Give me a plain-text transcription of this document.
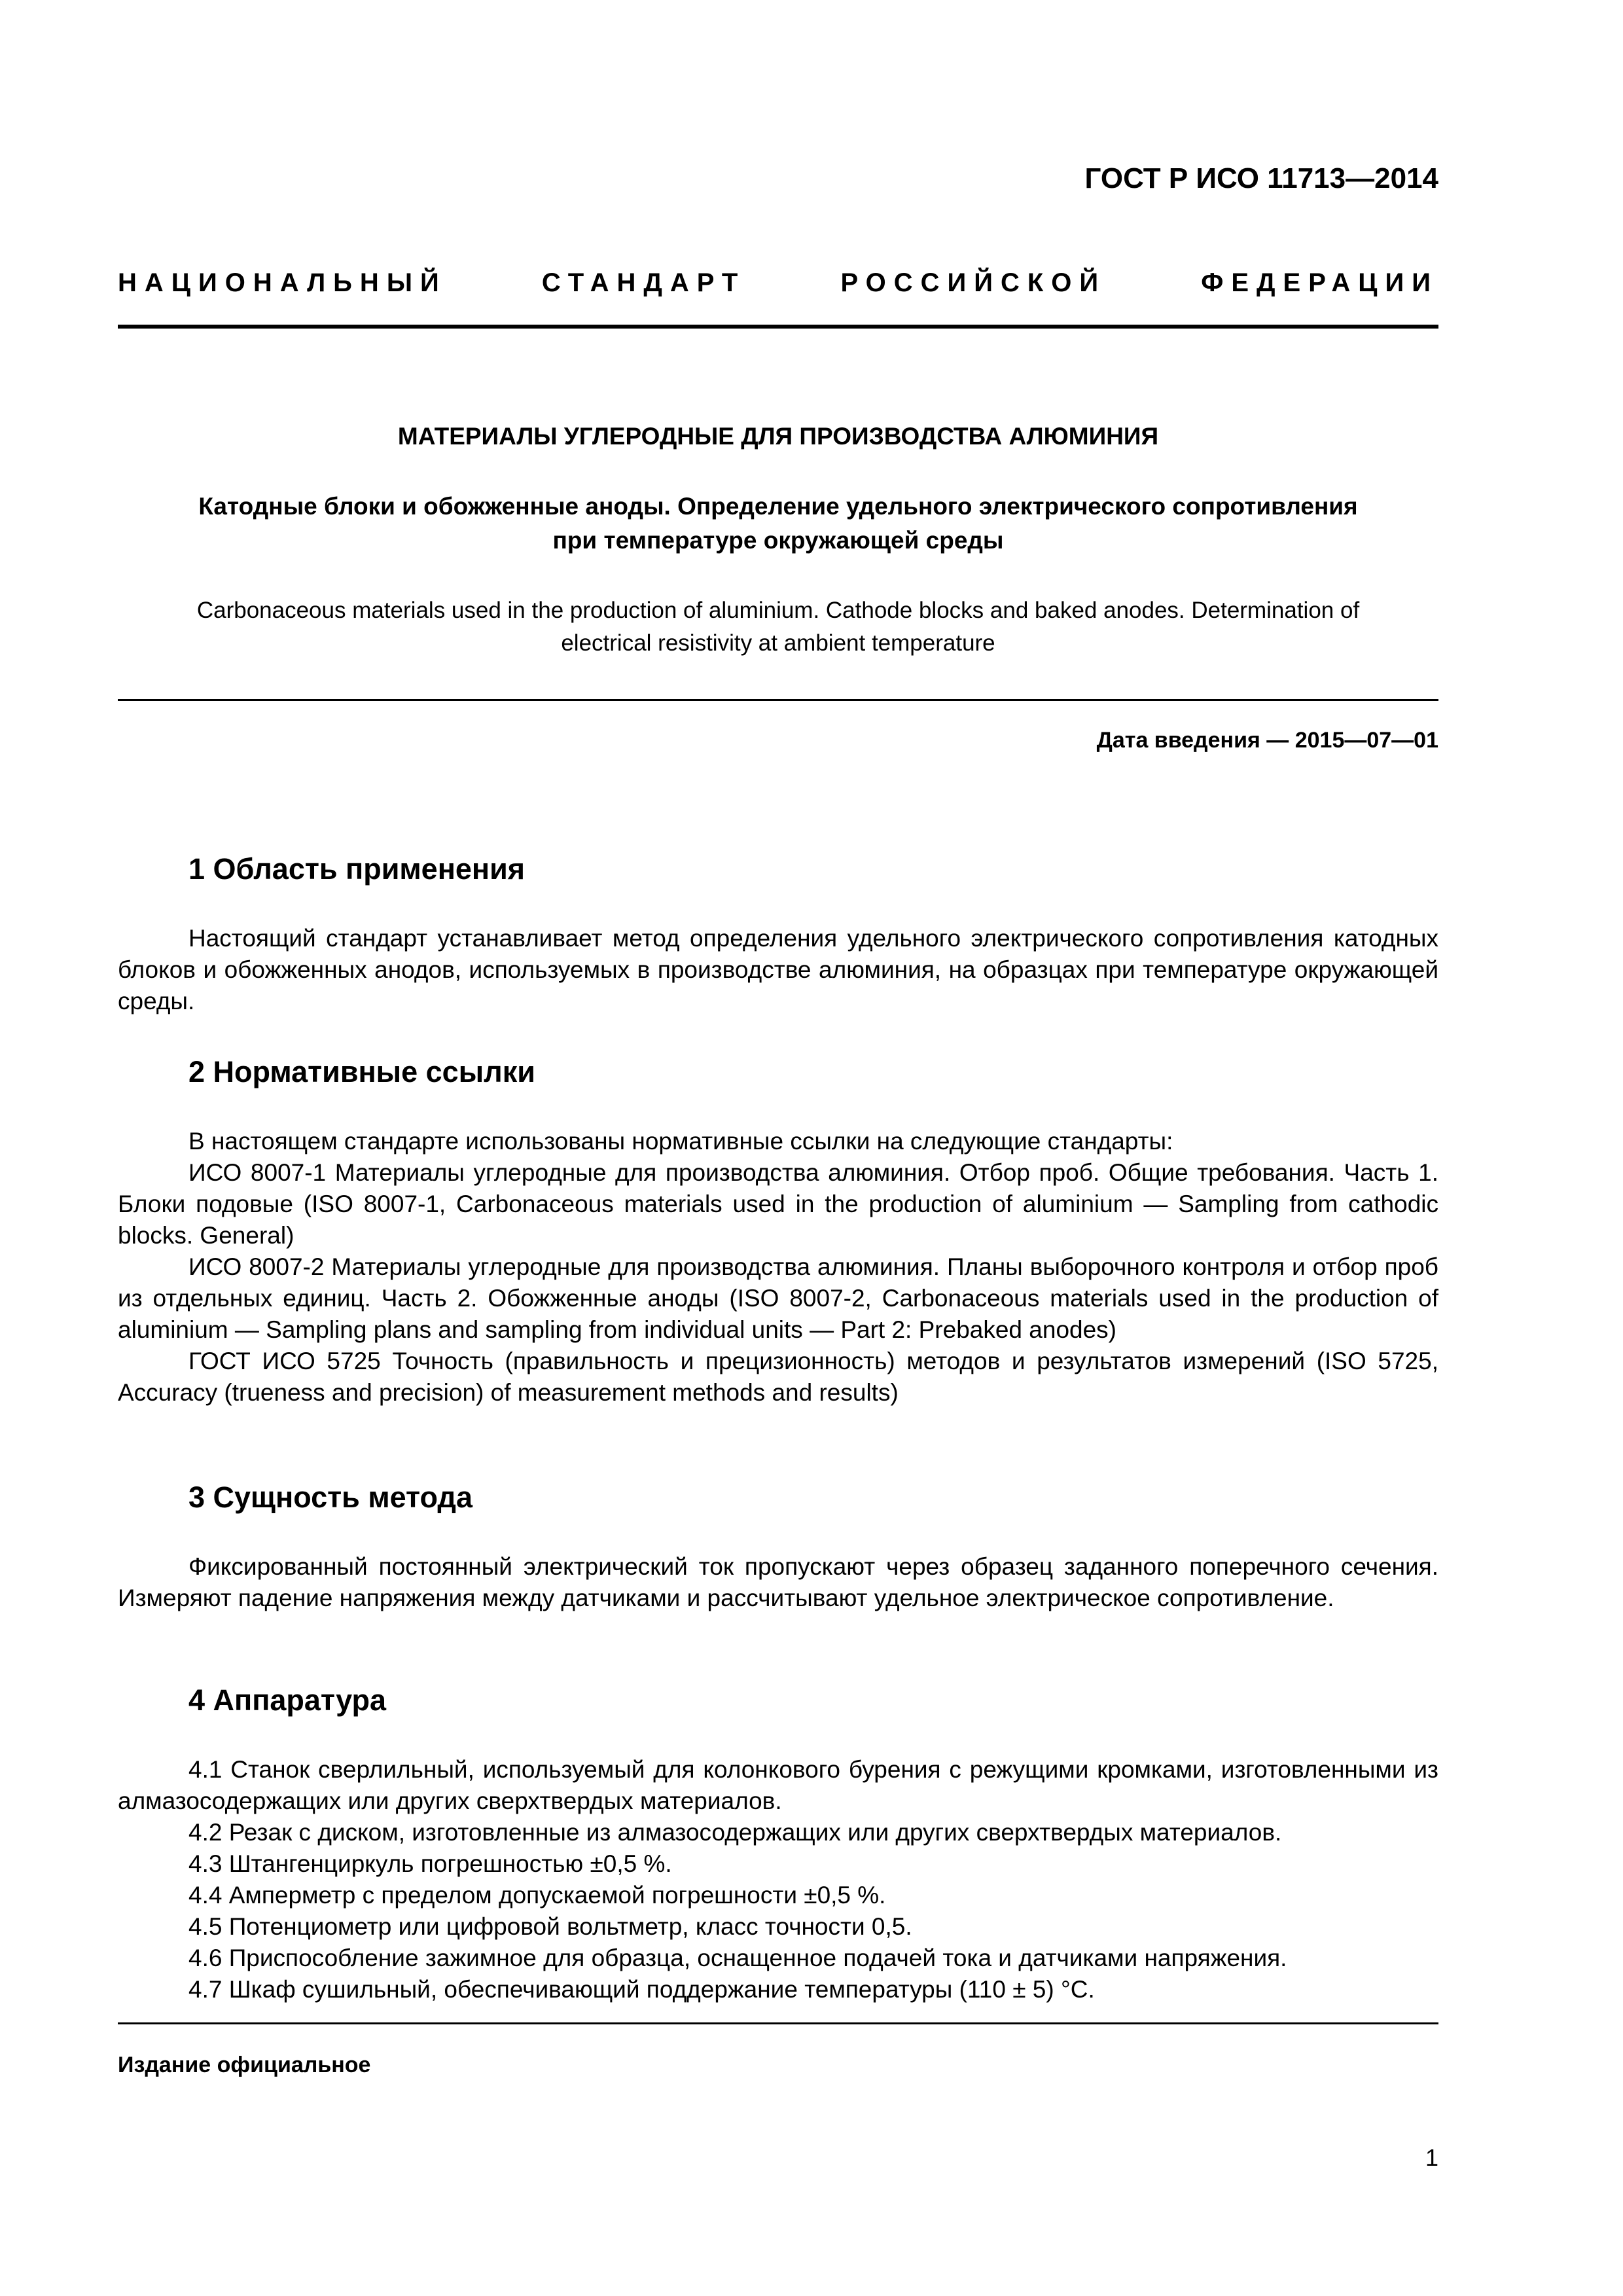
ГОСТ Р ИСО 11713—2014
НАЦИОНАЛЬНЫЙ	СТАНДАРТ	РОССИЙСКОЙ	ФЕДЕРАЦИИ
МАТЕРИАЛЫ УГЛЕРОДНЫЕ ДЛЯ ПРОИЗВОДСТВА АЛЮМИНИЯ
Катодные блоки и обожженные аноды. Определение удельного электрического сопротивления
при температуре окружающей среды
Carbonaceous materials used in the production of aluminium. Cathode blocks and baked anodes. Determination of
electrical resistivity at ambient temperature
Дата введения — 2015—07—01
1 Область применения

Настоящий стандарт устанавливает метод определения удельного электрического сопротивления катодных блоков и обожженных анодов, используемых в производстве алюминия, на образцах при температуре окружающей среды.

2 Нормативные ссылки

В настоящем стандарте использованы нормативные ссылки на следующие стандарты:

ИСО 8007-1 Материалы углеродные для производства алюминия. Отбор проб. Общие требования. Часть 1. Блоки подовые (ISO 8007-1, Carbonaceous materials used in the production of aluminium — Sampling from cathodic blocks. General)

ИСО 8007-2 Материалы углеродные для производства алюминия. Планы выборочного контроля и отбор проб из отдельных единиц. Часть 2. Обожженные аноды (ISO 8007-2, Carbonaceous materials used in the production of aluminium — Sampling plans and sampling from individual units — Part 2: Prebaked anodes)

ГОСТ ИСО 5725 Точность (правильность и прецизионность) методов и результатов измерений (ISO 5725, Accuracy (trueness and precision) of measurement methods and results)

3 Сущность метода

Фиксированный постоянный электрический ток пропускают через образец заданного поперечного сечения. Измеряют падение напряжения между датчиками и рассчитывают удельное электрическое сопротивление.

4 Аппаратура

4.1 Станок сверлильный, используемый для колонкового бурения с режущими кромками, изготовленными из алмазосодержащих или других сверхтвердых материалов.

4.2 Резак с диском, изготовленные из алмазосодержащих или других сверхтвердых материалов.

4.3 Штангенциркуль погрешностью ±0,5 %.

4.4 Амперметр с пределом допускаемой погрешности ±0,5 %.

4.5 Потенциометр или цифровой вольтметр, класс точности 0,5.

4.6 Приспособление зажимное для образца, оснащенное подачей тока и датчиками напряжения.

4.7 Шкаф сушильный, обеспечивающий поддержание температуры (110 ± 5) °С.

Издание официальное
1
